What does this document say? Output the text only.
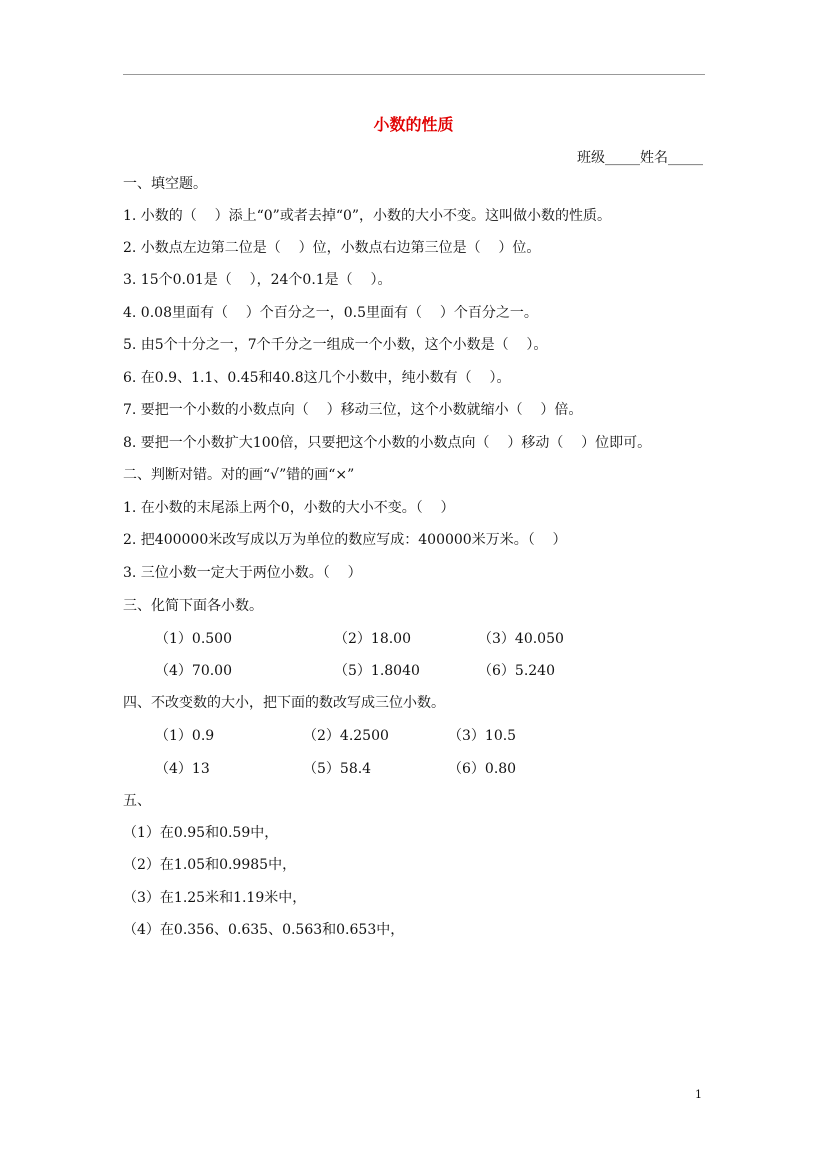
小数的性质
班级_____姓名_____
一、填空题。
1. 小数的（    ）添上“0”或者去掉“0”，小数的大小不变。这叫做小数的性质。
2. 小数点左边第二位是（    ）位，小数点右边第三位是（    ）位。
3. 15个0.01是（    ），24个0.1是（    ）。
4. 0.08里面有（    ）个百分之一，0.5里面有（    ）个百分之一。
5. 由5个十分之一，7个千分之一组成一个小数，这个小数是（    ）。
6. 在0.9、1.1、0.45和40.8这几个小数中，纯小数有（    ）。
7. 要把一个小数的小数点向（    ）移动三位，这个小数就缩小（    ）倍。
8. 要把一个小数扩大100倍，只要把这个小数的小数点向（    ）移动（    ）位即可。
二、判断对错。对的画“√”错的画“×”
1. 在小数的末尾添上两个0，小数的大小不变。（    ）
2. 把400000米改写成以万为单位的数应写成：400000米万米。（    ）
3. 三位小数一定大于两位小数。（    ）
三、化简下面各小数。
（1）0.500	（2）18.00	（3）40.050
（4）70.00	（5）1.8040	（6）5.240
四、不改变数的大小，把下面的数改写成三位小数。
（1）0.9	（2）4.2500	（3）10.5
（4）13	（5）58.4	（6）0.80
五、
（1）在0.95和0.59中，
（2）在1.05和0.9985中，
（3）在1.25米和1.19米中，
（4）在0.356、0.635、0.563和0.653中，
1
